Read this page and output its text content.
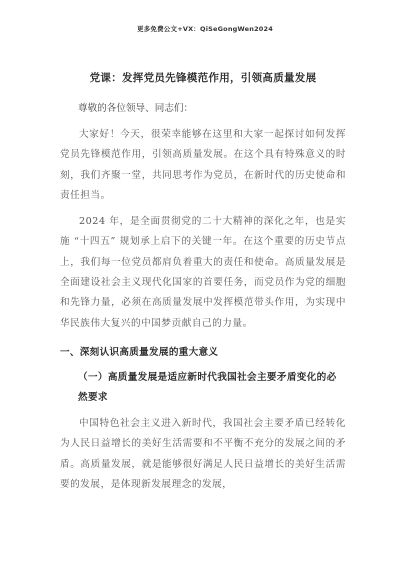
更多免费公文+VX：QiSeGongWen2024
党课：发挥党员先锋模范作用，引领高质量发展
尊敬的各位领导、同志们：

大家好！今天，很荣幸能够在这里和大家一起探讨如何发挥党员先锋模范作用，引领高质量发展。在这个具有特殊意义的时刻，我们齐聚一堂，共同思考作为党员，在新时代的历史使命和责任担当。

2024 年，是全面贯彻党的二十大精神的深化之年，也是实施 “十四五” 规划承上启下的关键一年。在这个重要的历史节点上，我们每一位党员都肩负着重大的责任和使命。高质量发展是全面建设社会主义现代化国家的首要任务，而党员作为党的细胞和先锋力量，必须在高质量发展中发挥模范带头作用，为实现中华民族伟大复兴的中国梦贡献自己的力量。

一、深刻认识高质量发展的重大意义
（一）高质量发展是适应新时代我国社会主要矛盾变化的必然要求

中国特色社会主义进入新时代，我国社会主要矛盾已经转化为人民日益增长的美好生活需要和不平衡不充分的发展之间的矛盾。高质量发展，就是能够很好满足人民日益增长的美好生活需要的发展，是体现新发展理念的发展，
